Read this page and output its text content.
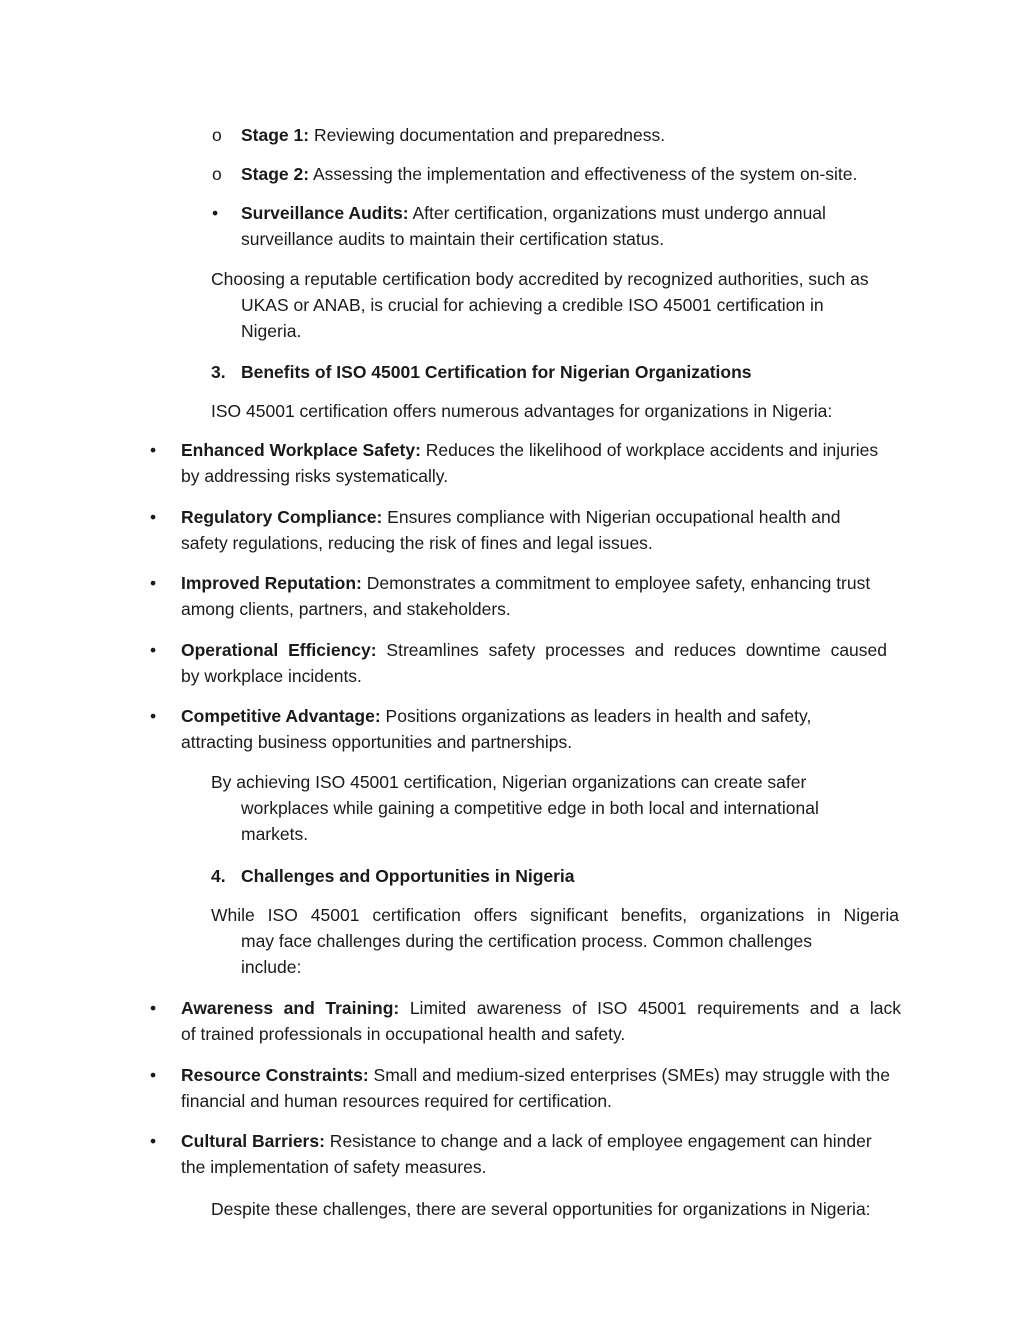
o Stage 1: Reviewing documentation and preparedness.
o Stage 2: Assessing the implementation and effectiveness of the system on-site.
• Surveillance Audits: After certification, organizations must undergo annual
surveillance audits to maintain their certification status.
Choosing a reputable certification body accredited by recognized authorities, such as
UKAS or ANAB, is crucial for achieving a credible ISO 45001 certification in
Nigeria.
3. Benefits of ISO 45001 Certification for Nigerian Organizations
ISO 45001 certification offers numerous advantages for organizations in Nigeria:
• Enhanced Workplace Safety: Reduces the likelihood of workplace accidents and injuries
by addressing risks systematically.
• Regulatory Compliance: Ensures compliance with Nigerian occupational health and
safety regulations, reducing the risk of fines and legal issues.
• Improved Reputation: Demonstrates a commitment to employee safety, enhancing trust
among clients, partners, and stakeholders.
• Operational Efficiency: Streamlines safety processes and reduces downtime caused
by workplace incidents.
• Competitive Advantage: Positions organizations as leaders in health and safety,
attracting business opportunities and partnerships.
By achieving ISO 45001 certification, Nigerian organizations can create safer
workplaces while gaining a competitive edge in both local and international
markets.
4. Challenges and Opportunities in Nigeria
While ISO 45001 certification offers significant benefits, organizations in Nigeria
may face challenges during the certification process. Common challenges
include:
• Awareness and Training: Limited awareness of ISO 45001 requirements and a lack
of trained professionals in occupational health and safety.
• Resource Constraints: Small and medium-sized enterprises (SMEs) may struggle with the
financial and human resources required for certification.
• Cultural Barriers: Resistance to change and a lack of employee engagement can hinder
the implementation of safety measures.
Despite these challenges, there are several opportunities for organizations in Nigeria:
